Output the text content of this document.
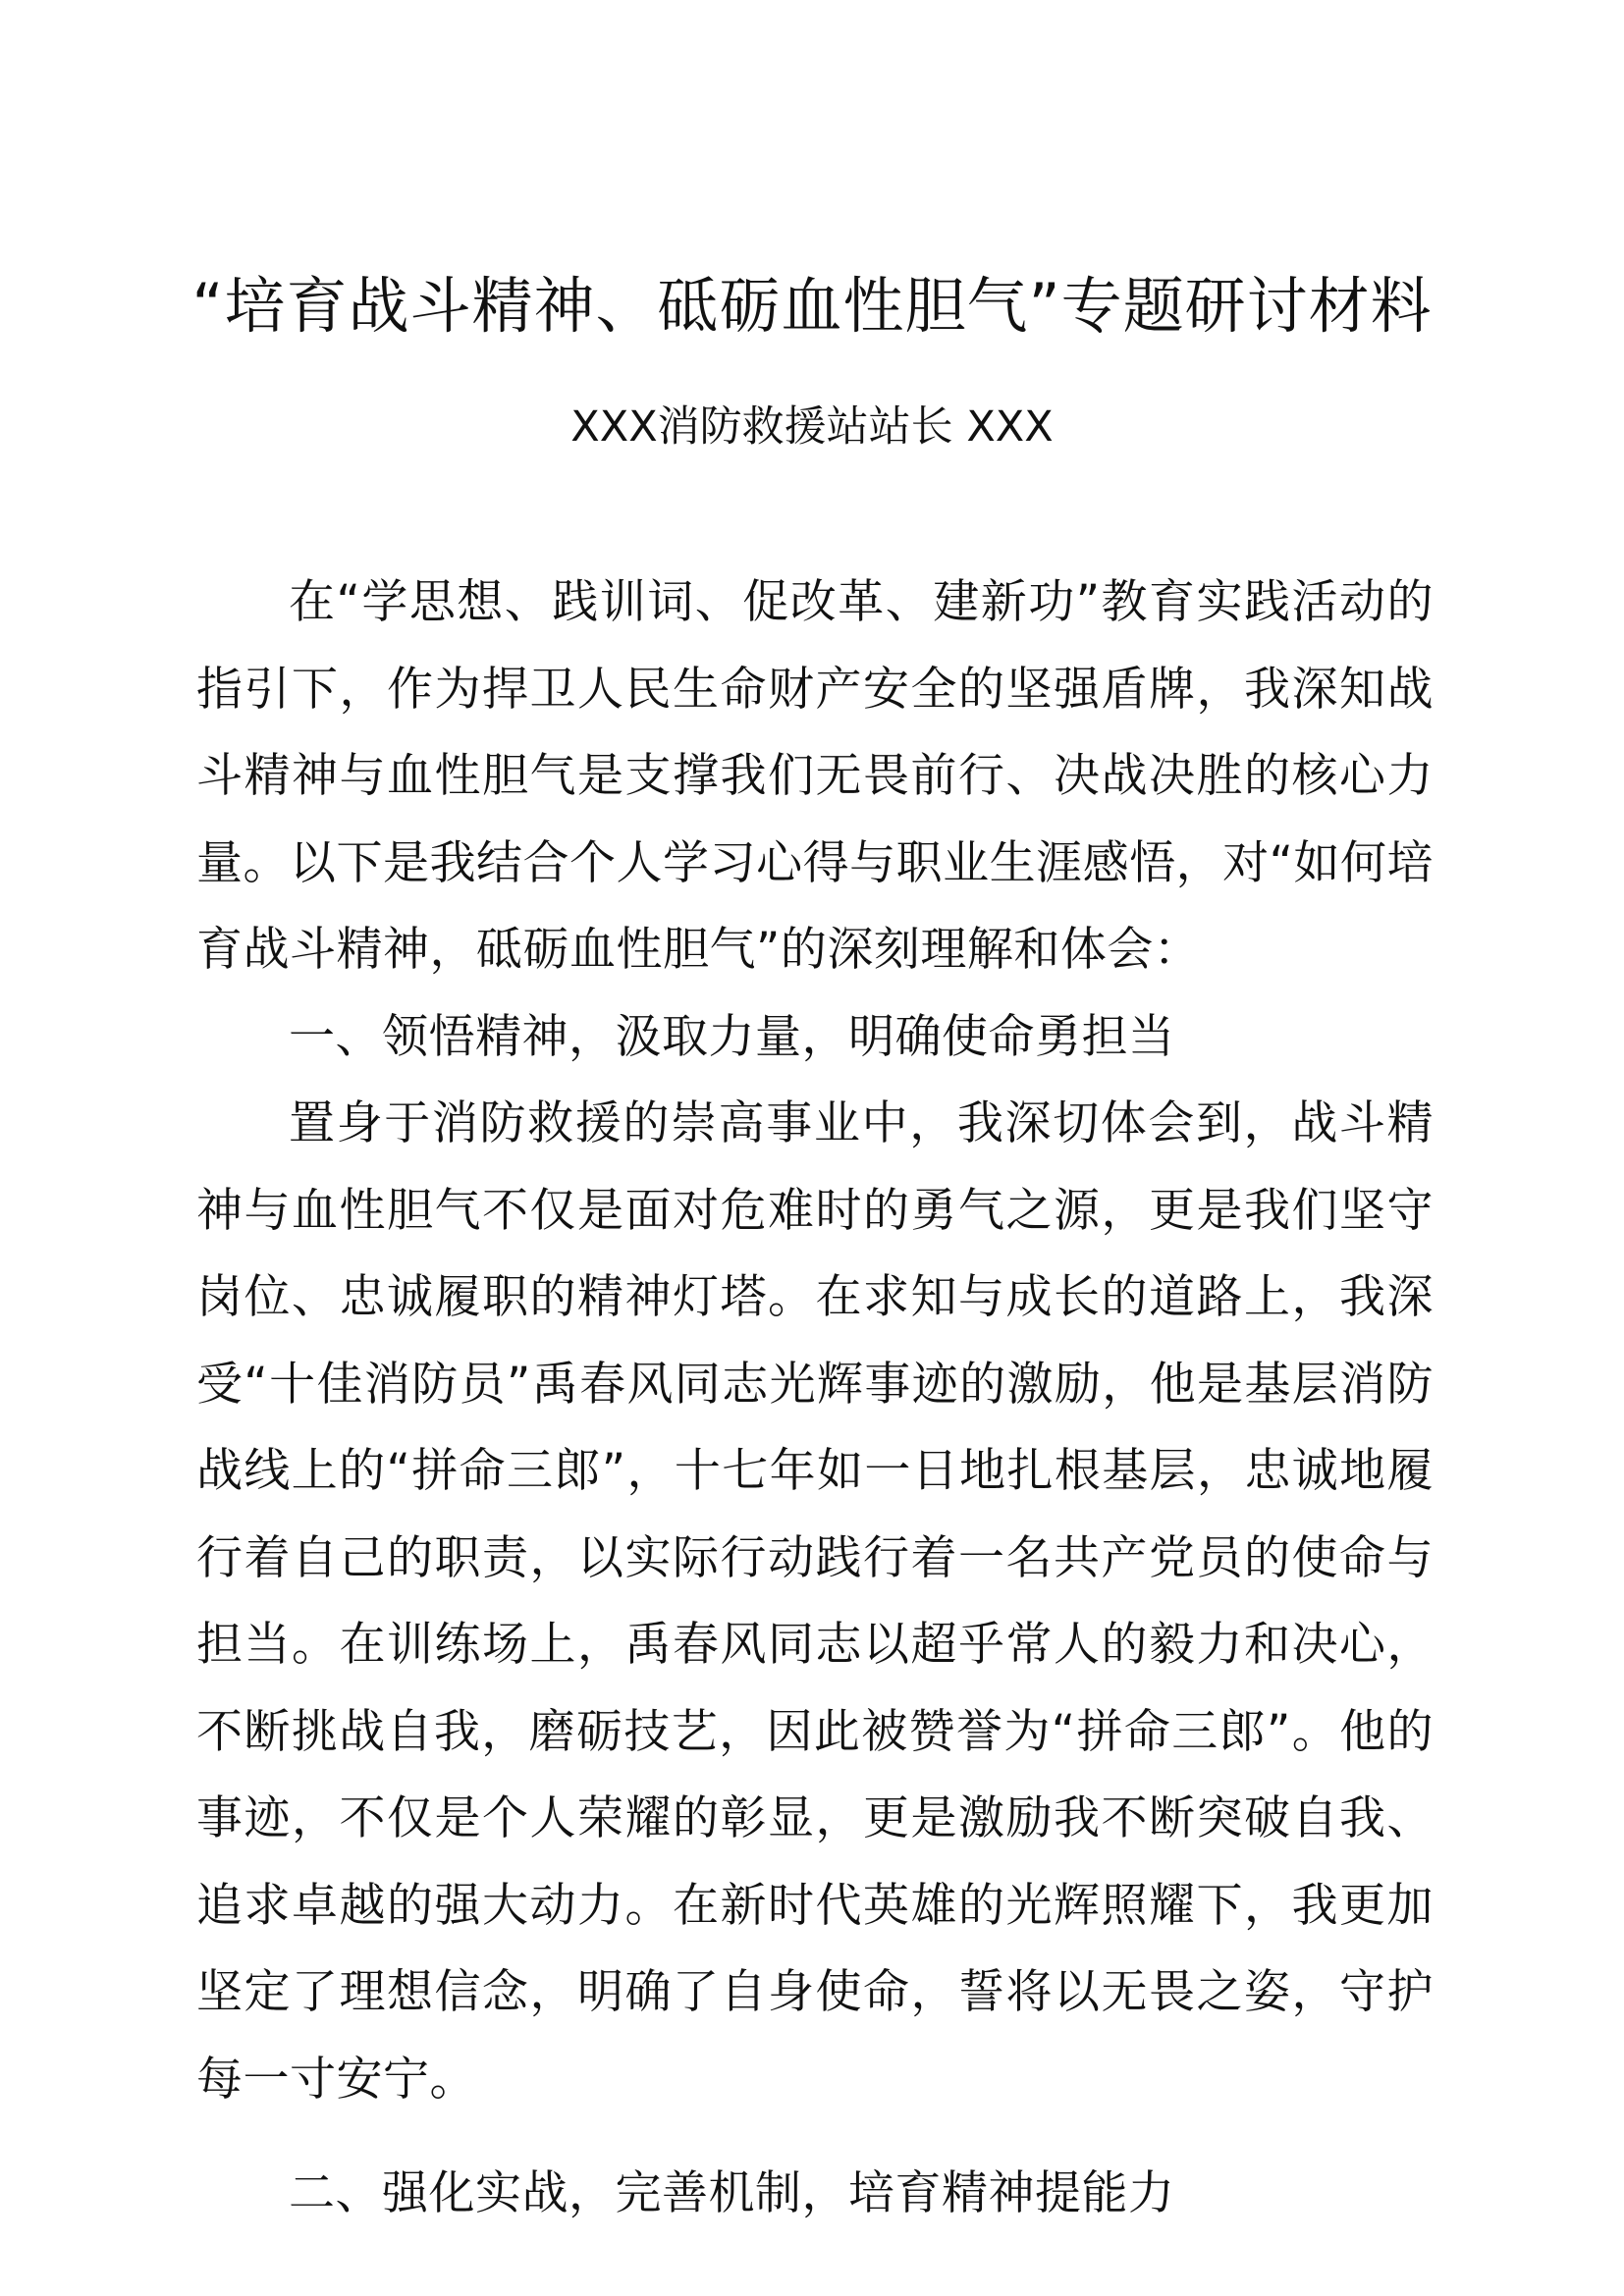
“培育战斗精神、砥砺血性胆气”专题研讨材料
XXX消防救援站站长 XXX

在“学思想、践训词、促改革、建新功”教育实践活动的指引下，作为捍卫人民生命财产安全的坚强盾牌，我深知战斗精神与血性胆气是支撑我们无畏前行、决战决胜的核心力量。以下是我结合个人学习心得与职业生涯感悟，对“如何培育战斗精神，砥砺血性胆气”的深刻理解和体会：

一、领悟精神，汲取力量，明确使命勇担当

置身于消防救援的崇高事业中，我深切体会到，战斗精神与血性胆气不仅是面对危难时的勇气之源，更是我们坚守岗位、忠诚履职的精神灯塔。在求知与成长的道路上，我深受“十佳消防员”禹春风同志光辉事迹的激励，他是基层消防战线上的“拼命三郎”，十七年如一日地扎根基层，忠诚地履行着自己的职责，以实际行动践行着一名共产党员的使命与担当。在训练场上，禹春风同志以超乎常人的毅力和决心，不断挑战自我，磨砺技艺，因此被赞誉为“拼命三郎”。他的事迹，不仅是个人荣耀的彰显，更是激励我不断突破自我、追求卓越的强大动力。在新时代英雄的光辉照耀下，我更加坚定了理想信念，明确了自身使命，誓将以无畏之姿，守护每一寸安宁。

二、强化实战，完善机制，培育精神提能力
